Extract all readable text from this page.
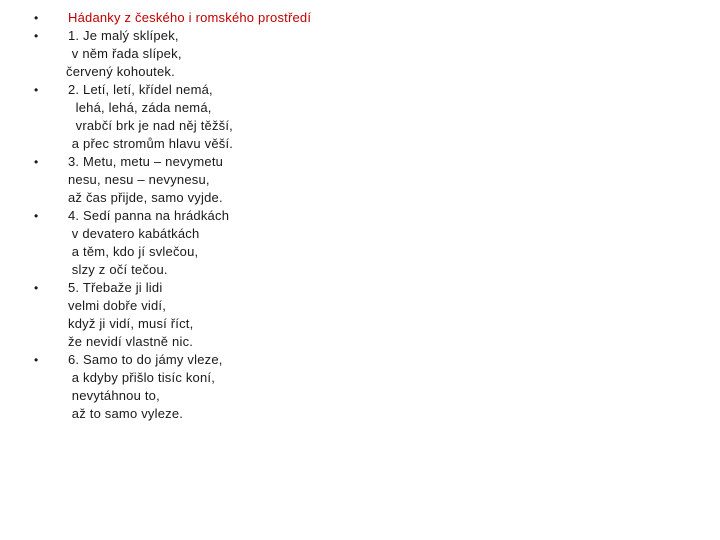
•	Hádanky z českého i romského prostředí
•	1. Je malý sklípek,
v něm řada slípek,
červený kohoutek.
•	2. Letí, letí, křídel nemá,
lehá, lehá, záda nemá,
vrabčí brk je nad něj těžší,
a přec stromům hlavu věší.
•	3. Metu, metu – nevymetu
nesu, nesu – nevynesu,
až čas přijde, samo vyjde.
•	4. Sedí panna na hrádkách
v devatero kabátkách
a těm, kdo jí svlečou,
slzy z očí tečou.
•	5. Třebaže ji lidi
velmi dobře vidí,
když ji vidí, musí říct,
že nevidí vlastně nic.
•	6. Samo to do jámy vleze,
a kdyby přišlo tisíc koní,
nevytáhnou to,
až to samo vyleze.
